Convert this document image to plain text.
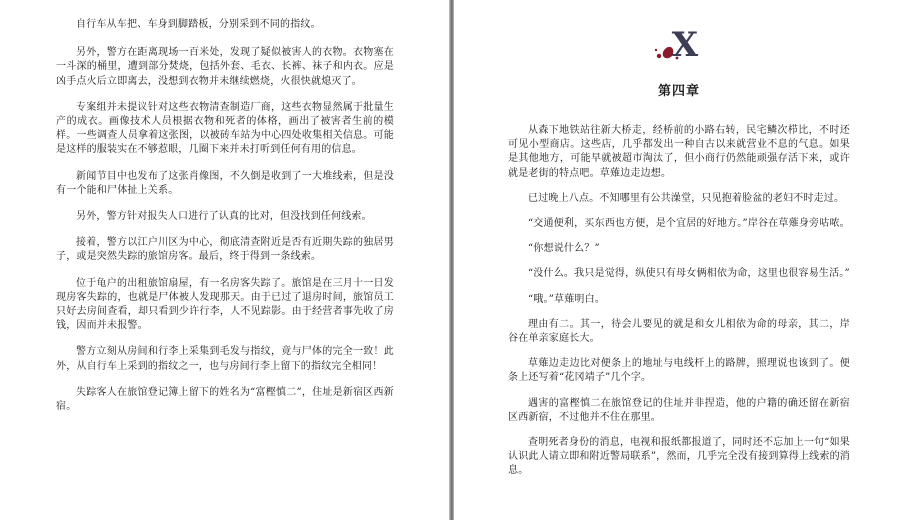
自行车从车把、车身到脚踏板，分别采到不同的指纹。

另外，警方在距离现场一百米处，发现了疑似被害人的衣物。衣物塞在一斗深的桶里，遭到部分焚烧，包括外套、毛衣、长裤、袜子和内衣。应是凶手点火后立即离去，没想到衣物并未继续燃烧，火很快就熄灭了。

专案组并未提议针对这些衣物清查制造厂商，这些衣物显然属于批量生产的成衣。画像技术人员根据衣物和死者的体格，画出了被害者生前的模样。一些调查人员拿着这张图，以被砖车站为中心四处收集相关信息。可能是这样的服装实在不够惹眼，几圈下来并未打听到任何有用的信息。

新闻节目中也发布了这张肖像图，不久倒是收到了一大堆线索，但是没有一个能和尸体扯上关系。

另外，警方针对报失人口进行了认真的比对，但没找到任何线索。

接着，警方以江户川区为中心，彻底清查附近是否有近期失踪的独居男子，或是突然失踪的旅馆房客。最后，终于得到一条线索。

位于龟户的出租旅馆扇屋，有一名房客失踪了。旅馆是在三月十一日发现房客失踪的，也就是尸体被人发现那天。由于已过了退房时间，旅馆员工只好去房间查看，却只看到少许行李，人不见踪影。由于经营者事先收了房钱，因而并未报警。

警方立刻从房间和行李上采集到毛发与指纹，竟与尸体的完全一致！此外，从自行车上采到的指纹之一，也与房间行李上留下的指纹完全相同！

失踪客人在旅馆登记簿上留下的姓名为“富樫慎二”，住址是新宿区西新宿。

X
第四章

从森下地铁站往新大桥走，经桥前的小路右转，民宅鳞次栉比，不时还可见小型商店。这些店，几乎都发出一种自古以来就营业不息的气息。如果是其他地方，可能早就被超市淘汰了，但小商行仍然能顽强存活下来，或许就是老街的特点吧。草薙边走边想。

已过晚上八点。不知哪里有公共澡堂，只见抱着脸盆的老妇不时走过。

“交通便利，买东西也方便，是个宜居的好地方。”岸谷在草薙身旁咕哝。

“你想说什么？”

“没什么。我只是觉得，纵使只有母女俩相依为命，这里也很容易生活。”

“哦。”草薙明白。

理由有二。其一，待会儿要见的就是和女儿相依为命的母亲，其二，岸谷在单亲家庭长大。

草薙边走边比对便条上的地址与电线杆上的路牌，照理说也该到了。便条上还写着“花冈靖子”几个字。

遇害的富樫慎二在旅馆登记的住址并非捏造，他的户籍的确还留在新宿区西新宿，不过他并不住在那里。

查明死者身份的消息，电视和报纸都报道了，同时还不忘加上一句“如果认识此人请立即和附近警局联系”，然而，几乎完全没有接到算得上线索的消息。
